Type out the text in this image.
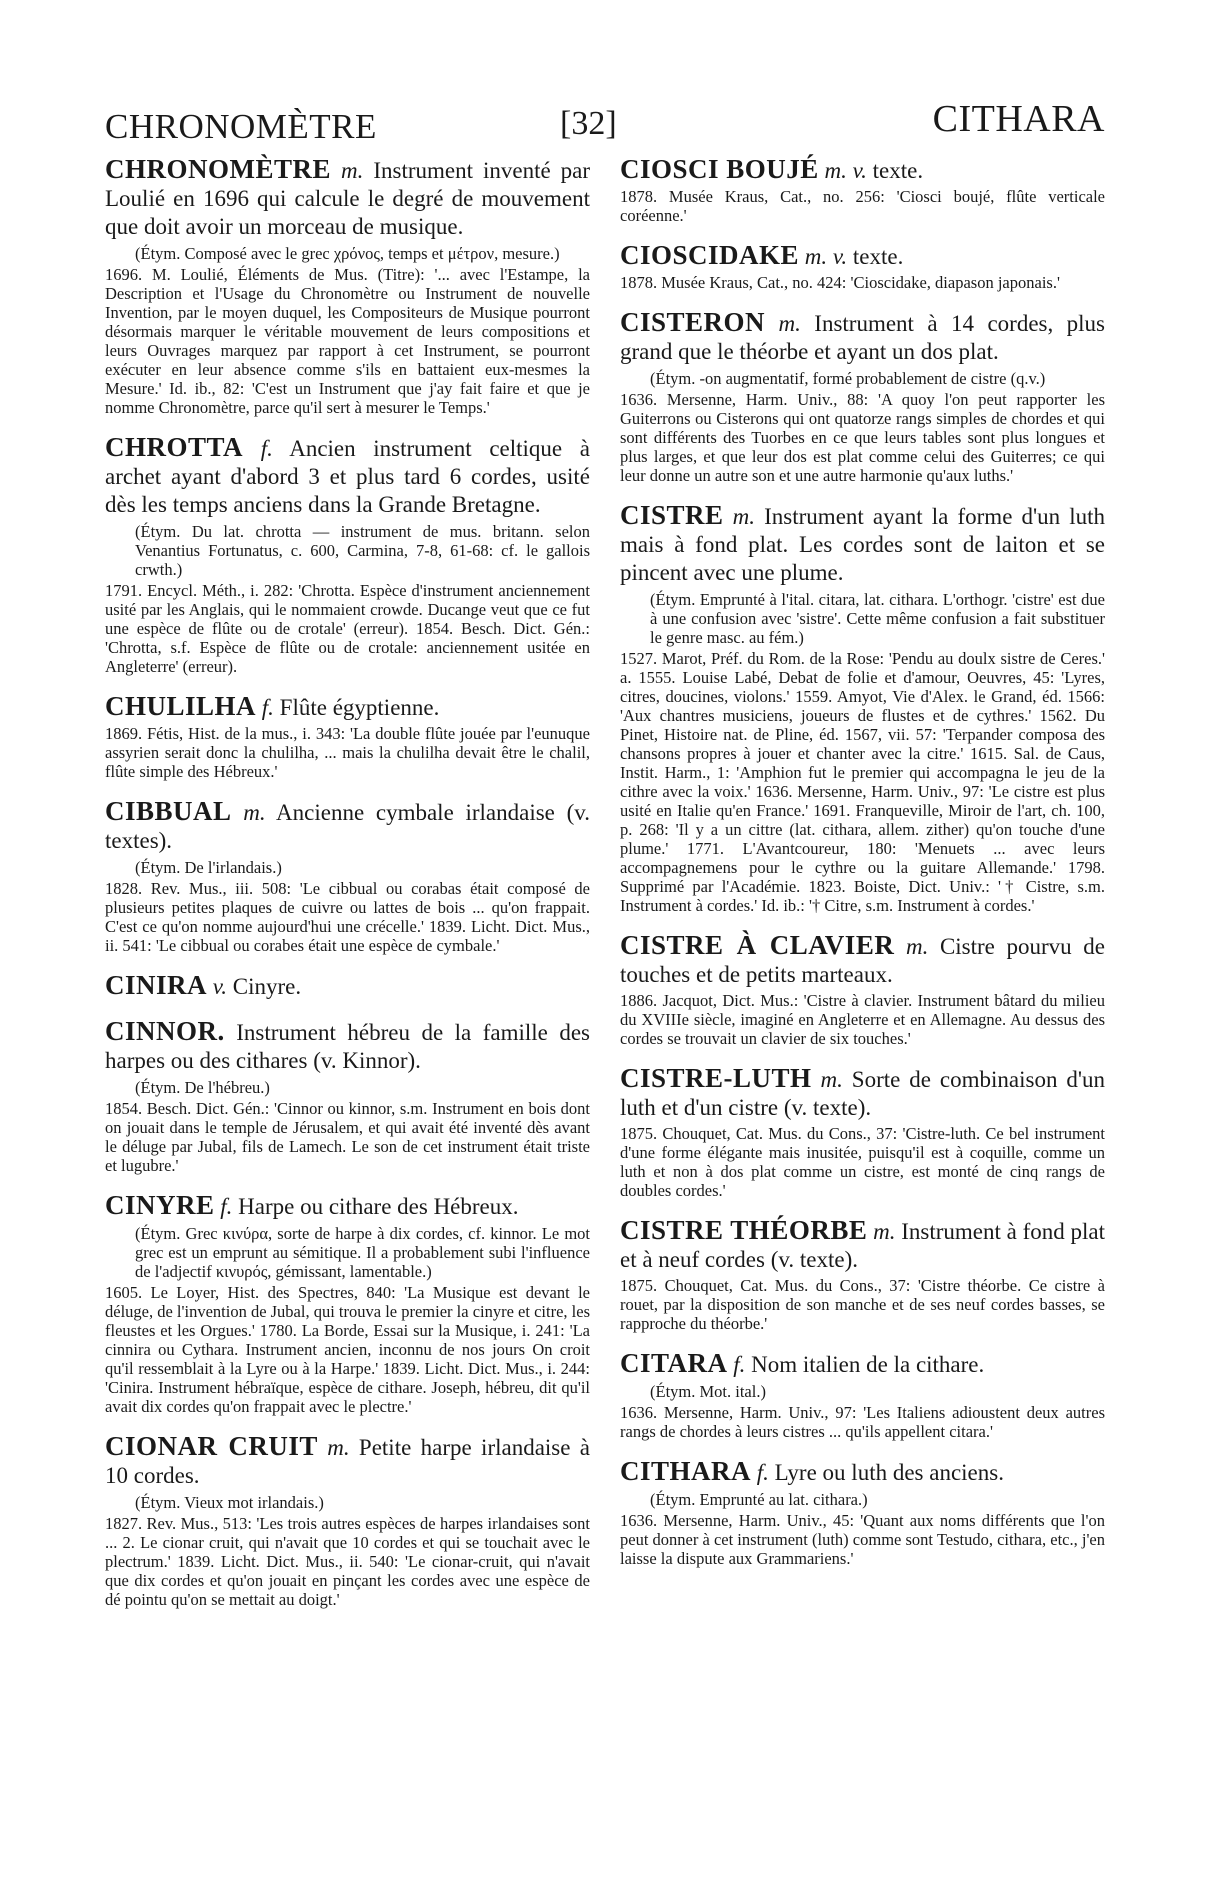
CHRONOMÈTRE	[32]	CITHARA

CHRONOMÈTRE m. Instrument inventé par Loulié en 1696 qui calcule le degré de mouvement que doit avoir un morceau de musique.

(Étym. Composé avec le grec χρόνος, temps et μέτρον, mesure.)

1696. M. Loulié, Éléments de Mus. (Titre): '... avec l'Estampe, la Description et l'Usage du Chronomètre ou Instrument de nouvelle Invention, par le moyen duquel, les Compositeurs de Musique pourront désormais marquer le véritable mouvement de leurs compositions et leurs Ouvrages marquez par rapport à cet Instrument, se pourront exécuter en leur absence comme s'ils en battaient eux-mesmes la Mesure.' Id. ib., 82: 'C'est un Instrument que j'ay fait faire et que je nomme Chronomètre, parce qu'il sert à mesurer le Temps.'

CHROTTA f. Ancien instrument celtique à archet ayant d'abord 3 et plus tard 6 cordes, usité dès les temps anciens dans la Grande Bretagne.

(Étym. Du lat. chrotta — instrument de mus. britann. selon Venantius Fortunatus, c. 600, Carmina, 7-8, 61-68: cf. le gallois crwth.)

1791. Encycl. Méth., i. 282: 'Chrotta. Espèce d'instrument anciennement usité par les Anglais, qui le nommaient crowde. Ducange veut que ce fut une espèce de flûte ou de crotale' (erreur). 1854. Besch. Dict. Gén.: 'Chrotta, s.f. Espèce de flûte ou de crotale: anciennement usitée en Angleterre' (erreur).

CHULILHA f. Flûte égyptienne.

1869. Fétis, Hist. de la mus., i. 343: 'La double flûte jouée par l'eunuque assyrien serait donc la chulilha, ... mais la chulilha devait être le chalil, flûte simple des Hébreux.'

CIBBUAL m. Ancienne cymbale irlandaise (v. textes).

(Étym. De l'irlandais.)

1828. Rev. Mus., iii. 508: 'Le cibbual ou corabas était composé de plusieurs petites plaques de cuivre ou lattes de bois ... qu'on frappait. C'est ce qu'on nomme aujourd'hui une crécelle.' 1839. Licht. Dict. Mus., ii. 541: 'Le cibbual ou corabes était une espèce de cymbale.'

CINIRA v. Cinyre.

CINNOR. Instrument hébreu de la famille des harpes ou des cithares (v. Kinnor).

(Étym. De l'hébreu.)

1854. Besch. Dict. Gén.: 'Cinnor ou kinnor, s.m. Instrument en bois dont on jouait dans le temple de Jérusalem, et qui avait été inventé dès avant le déluge par Jubal, fils de Lamech. Le son de cet instrument était triste et lugubre.'

CINYRE f. Harpe ou cithare des Hébreux.

(Étym. Grec κινύρα, sorte de harpe à dix cordes, cf. kinnor. Le mot grec est un emprunt au sémitique. Il a probablement subi l'influence de l'adjectif κινυρός, gémissant, lamentable.)

1605. Le Loyer, Hist. des Spectres, 840: 'La Musique est devant le déluge, de l'invention de Jubal, qui trouva le premier la cinyre et citre, les fleustes et les Orgues.' 1780. La Borde, Essai sur la Musique, i. 241: 'La cinnira ou Cythara. Instrument ancien, inconnu de nos jours On croit qu'il ressemblait à la Lyre ou à la Harpe.' 1839. Licht. Dict. Mus., i. 244: 'Cinira. Instrument hébraïque, espèce de cithare. Joseph, hébreu, dit qu'il avait dix cordes qu'on frappait avec le plectre.'

CIONAR CRUIT m. Petite harpe irlandaise à 10 cordes.

(Étym. Vieux mot irlandais.)

1827. Rev. Mus., 513: 'Les trois autres espèces de harpes irlandaises sont ... 2. Le cionar cruit, qui n'avait que 10 cordes et qui se touchait avec le plectrum.' 1839. Licht. Dict. Mus., ii. 540: 'Le cionar-cruit, qui n'avait que dix cordes et qu'on jouait en pinçant les cordes avec une espèce de dé pointu qu'on se mettait au doigt.'

CIOSCI BOUJÉ m. v. texte.

1878. Musée Kraus, Cat., no. 256: 'Ciosci boujé, flûte verticale coréenne.'

CIOSCIDAKE m. v. texte.

1878. Musée Kraus, Cat., no. 424: 'Cioscidake, diapason japonais.'

CISTERON m. Instrument à 14 cordes, plus grand que le théorbe et ayant un dos plat.

(Étym. -on augmentatif, formé probablement de cistre (q.v.)

1636. Mersenne, Harm. Univ., 88: 'A quoy l'on peut rapporter les Guiterrons ou Cisterons qui ont quatorze rangs simples de chordes et qui sont différents des Tuorbes en ce que leurs tables sont plus longues et plus larges, et que leur dos est plat comme celui des Guiterres; ce qui leur donne un autre son et une autre harmonie qu'aux luths.'

CISTRE m. Instrument ayant la forme d'un luth mais à fond plat. Les cordes sont de laiton et se pincent avec une plume.

(Étym. Emprunté à l'ital. citara, lat. cithara. L'orthogr. 'cistre' est due à une confusion avec 'sistre'. Cette même confusion a fait substituer le genre masc. au fém.)

1527. Marot, Préf. du Rom. de la Rose: 'Pendu au doulx sistre de Ceres.' a. 1555. Louise Labé, Debat de folie et d'amour, Oeuvres, 45: 'Lyres, citres, doucines, violons.' 1559. Amyot, Vie d'Alex. le Grand, éd. 1566: 'Aux chantres musiciens, joueurs de flustes et de cythres.' 1562. Du Pinet, Histoire nat. de Pline, éd. 1567, vii. 57: 'Terpander composa des chansons propres à jouer et chanter avec la citre.' 1615. Sal. de Caus, Instit. Harm., 1: 'Amphion fut le premier qui accompagna le jeu de la cithre avec la voix.' 1636. Mersenne, Harm. Univ., 97: 'Le cistre est plus usité en Italie qu'en France.' 1691. Franqueville, Miroir de l'art, ch. 100, p. 268: 'Il y a un cittre (lat. cithara, allem. zither) qu'on touche d'une plume.' 1771. L'Avantcoureur, 180: 'Menuets ... avec leurs accompagnemens pour le cythre ou la guitare Allemande.' 1798. Supprimé par l'Académie. 1823. Boiste, Dict. Univ.: '† Cistre, s.m. Instrument à cordes.' Id. ib.: '† Citre, s.m. Instrument à cordes.'

CISTRE À CLAVIER m. Cistre pourvu de touches et de petits marteaux.

1886. Jacquot, Dict. Mus.: 'Cistre à clavier. Instrument bâtard du milieu du XVIIIe siècle, imaginé en Angleterre et en Allemagne. Au dessus des cordes se trouvait un clavier de six touches.'

CISTRE-LUTH m. Sorte de combinaison d'un luth et d'un cistre (v. texte).

1875. Chouquet, Cat. Mus. du Cons., 37: 'Cistre-luth. Ce bel instrument d'une forme élégante mais inusitée, puisqu'il est à coquille, comme un luth et non à dos plat comme un cistre, est monté de cinq rangs de doubles cordes.'

CISTRE THÉORBE m. Instrument à fond plat et à neuf cordes (v. texte).

1875. Chouquet, Cat. Mus. du Cons., 37: 'Cistre théorbe. Ce cistre à rouet, par la disposition de son manche et de ses neuf cordes basses, se rapproche du théorbe.'

CITARA f. Nom italien de la cithare.

(Étym. Mot. ital.)

1636. Mersenne, Harm. Univ., 97: 'Les Italiens adioustent deux autres rangs de chordes à leurs cistres ... qu'ils appellent citara.'

CITHARA f. Lyre ou luth des anciens.

(Étym. Emprunté au lat. cithara.)

1636. Mersenne, Harm. Univ., 45: 'Quant aux noms différents que l'on peut donner à cet instrument (luth) comme sont Testudo, cithara, etc., j'en laisse la dispute aux Grammariens.'
